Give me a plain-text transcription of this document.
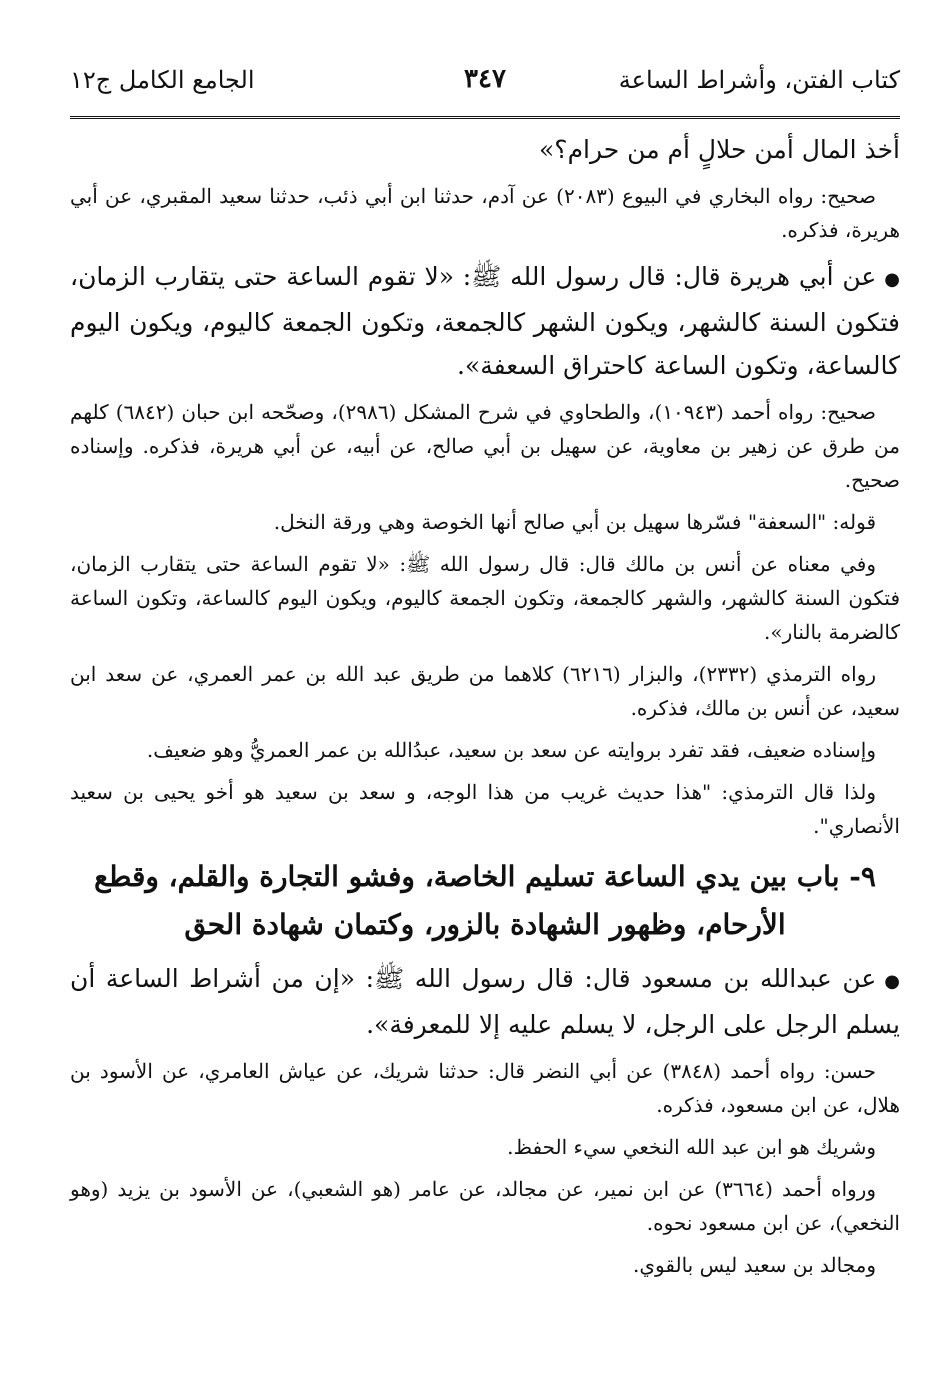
كتاب الفتن، وأشراط الساعة
٣٤٧
الجامع الكامل ج١٢

أخذ المال أمن حلالٍ أم من حرام؟»

صحيح: رواه البخاري في البيوع (٢٠٨٣) عن آدم، حدثنا ابن أبي ذئب، حدثنا سعيد المقبري، عن أبي هريرة، فذكره.

●عن أبي هريرة قال: قال رسول الله ﷺ: «لا تقوم الساعة حتى يتقارب الزمان، فتكون السنة كالشهر، ويكون الشهر كالجمعة، وتكون الجمعة كاليوم، ويكون اليوم كالساعة، وتكون الساعة كاحتراق السعفة».

صحيح: رواه أحمد (١٠٩٤٣)، والطحاوي في شرح المشكل (٢٩٨٦)، وصحّحه ابن حبان (٦٨٤٢) كلهم من طرق عن زهير بن معاوية، عن سهيل بن أبي صالح، عن أبيه، عن أبي هريرة، فذكره. وإسناده صحيح.

قوله: "السعفة" فسّرها سهيل بن أبي صالح أنها الخوصة وهي ورقة النخل.

وفي معناه عن أنس بن مالك قال: قال رسول الله ﷺ: «لا تقوم الساعة حتى يتقارب الزمان، فتكون السنة كالشهر، والشهر كالجمعة، وتكون الجمعة كاليوم، ويكون اليوم كالساعة، وتكون الساعة كالضرمة بالنار».

رواه الترمذي (٢٣٣٢)، والبزار (٦٢١٦) كلاهما من طريق عبد الله بن عمر العمري، عن سعد ابن سعيد، عن أنس بن مالك، فذكره.

وإسناده ضعيف، فقد تفرد بروايته عن سعد بن سعيد، عبدُالله بن عمر العمريُّ وهو ضعيف.

ولذا قال الترمذي: "هذا حديث غريب من هذا الوجه، و سعد بن سعيد هو أخو يحيى بن سعيد الأنصاري".

٩- باب بين يدي الساعة تسليم الخاصة، وفشو التجارة والقلم، وقطع الأرحام، وظهور الشهادة بالزور، وكتمان شهادة الحق

●عن عبدالله بن مسعود قال: قال رسول الله ﷺ: «إن من أشراط الساعة أن يسلم الرجل على الرجل، لا يسلم عليه إلا للمعرفة».

حسن: رواه أحمد (٣٨٤٨) عن أبي النضر قال: حدثنا شريك، عن عياش العامري، عن الأسود بن هلال، عن ابن مسعود، فذكره.

وشريك هو ابن عبد الله النخعي سيء الحفظ.

ورواه أحمد (٣٦٦٤) عن ابن نمير، عن مجالد، عن عامر (هو الشعبي)، عن الأسود بن يزيد (وهو النخعي)، عن ابن مسعود نحوه.

ومجالد بن سعيد ليس بالقوي.
